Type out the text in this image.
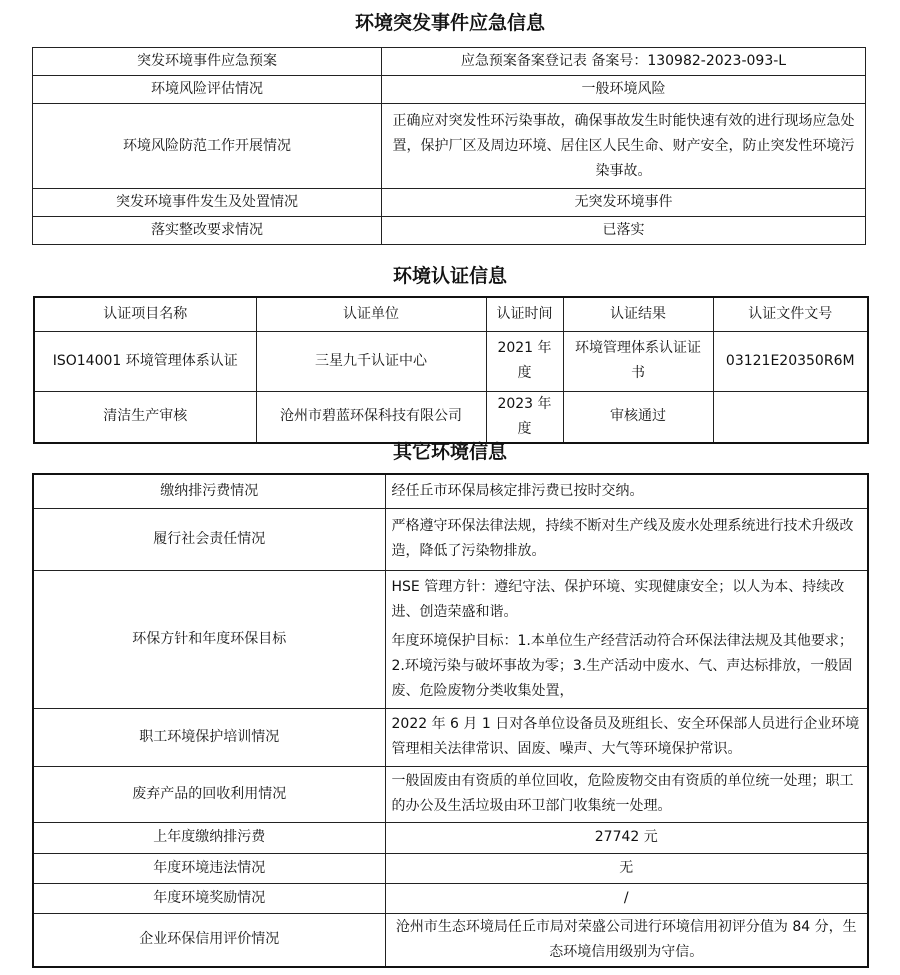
环境突发事件应急信息
突发环境事件应急预案	应急预案备案登记表 备案号：130982-2023-093-L
环境风险评估情况	一般环境风险
环境风险防范工作开展情况	正确应对突发性环污染事故，确保事故发生时能快速有效的进行现场应急处置，保护厂区及周边环境、居住区人民生命、财产安全，防止突发性环境污染事故。
突发环境事件发生及处置情况	无突发环境事件
落实整改要求情况	已落实
环境认证信息
认证项目名称	认证单位	认证时间	认证结果	认证文件文号
ISO14001 环境管理体系认证	三星九千认证中心	2021 年度	环境管理体系认证证书	03121E20350R6M
清洁生产审核	沧州市碧蓝环保科技有限公司	2023 年度	审核通过	
其它环境信息
缴纳排污费情况	经任丘市环保局核定排污费已按时交纳。
履行社会责任情况	严格遵守环保法律法规，持续不断对生产线及废水处理系统进行技术升级改造，降低了污染物排放。
环保方针和年度环保目标	HSE 管理方针：遵纪守法、保护环境、实现健康安全；以人为本、持续改进、创造荣盛和谐。

年度环境保护目标：1.本单位生产经营活动符合环保法律法规及其他要求；2.环境污染与破坏事故为零；3.生产活动中废水、气、声达标排放，一般固废、危险废物分类收集处置，

职工环境保护培训情况	2022 年 6 月 1 日对各单位设备员及班组长、安全环保部人员进行企业环境管理相关法律常识、固废、噪声、大气等环境保护常识。
废弃产品的回收利用情况	一般固废由有资质的单位回收，危险废物交由有资质的单位统一处理；职工的办公及生活垃圾由环卫部门收集统一处理。
上年度缴纳排污费	27742 元
年度环境违法情况	无
年度环境奖励情况	/
企业环保信用评价情况	沧州市生态环境局任丘市局对荣盛公司进行环境信用初评分值为 84 分，生态环境信用级别为守信。
